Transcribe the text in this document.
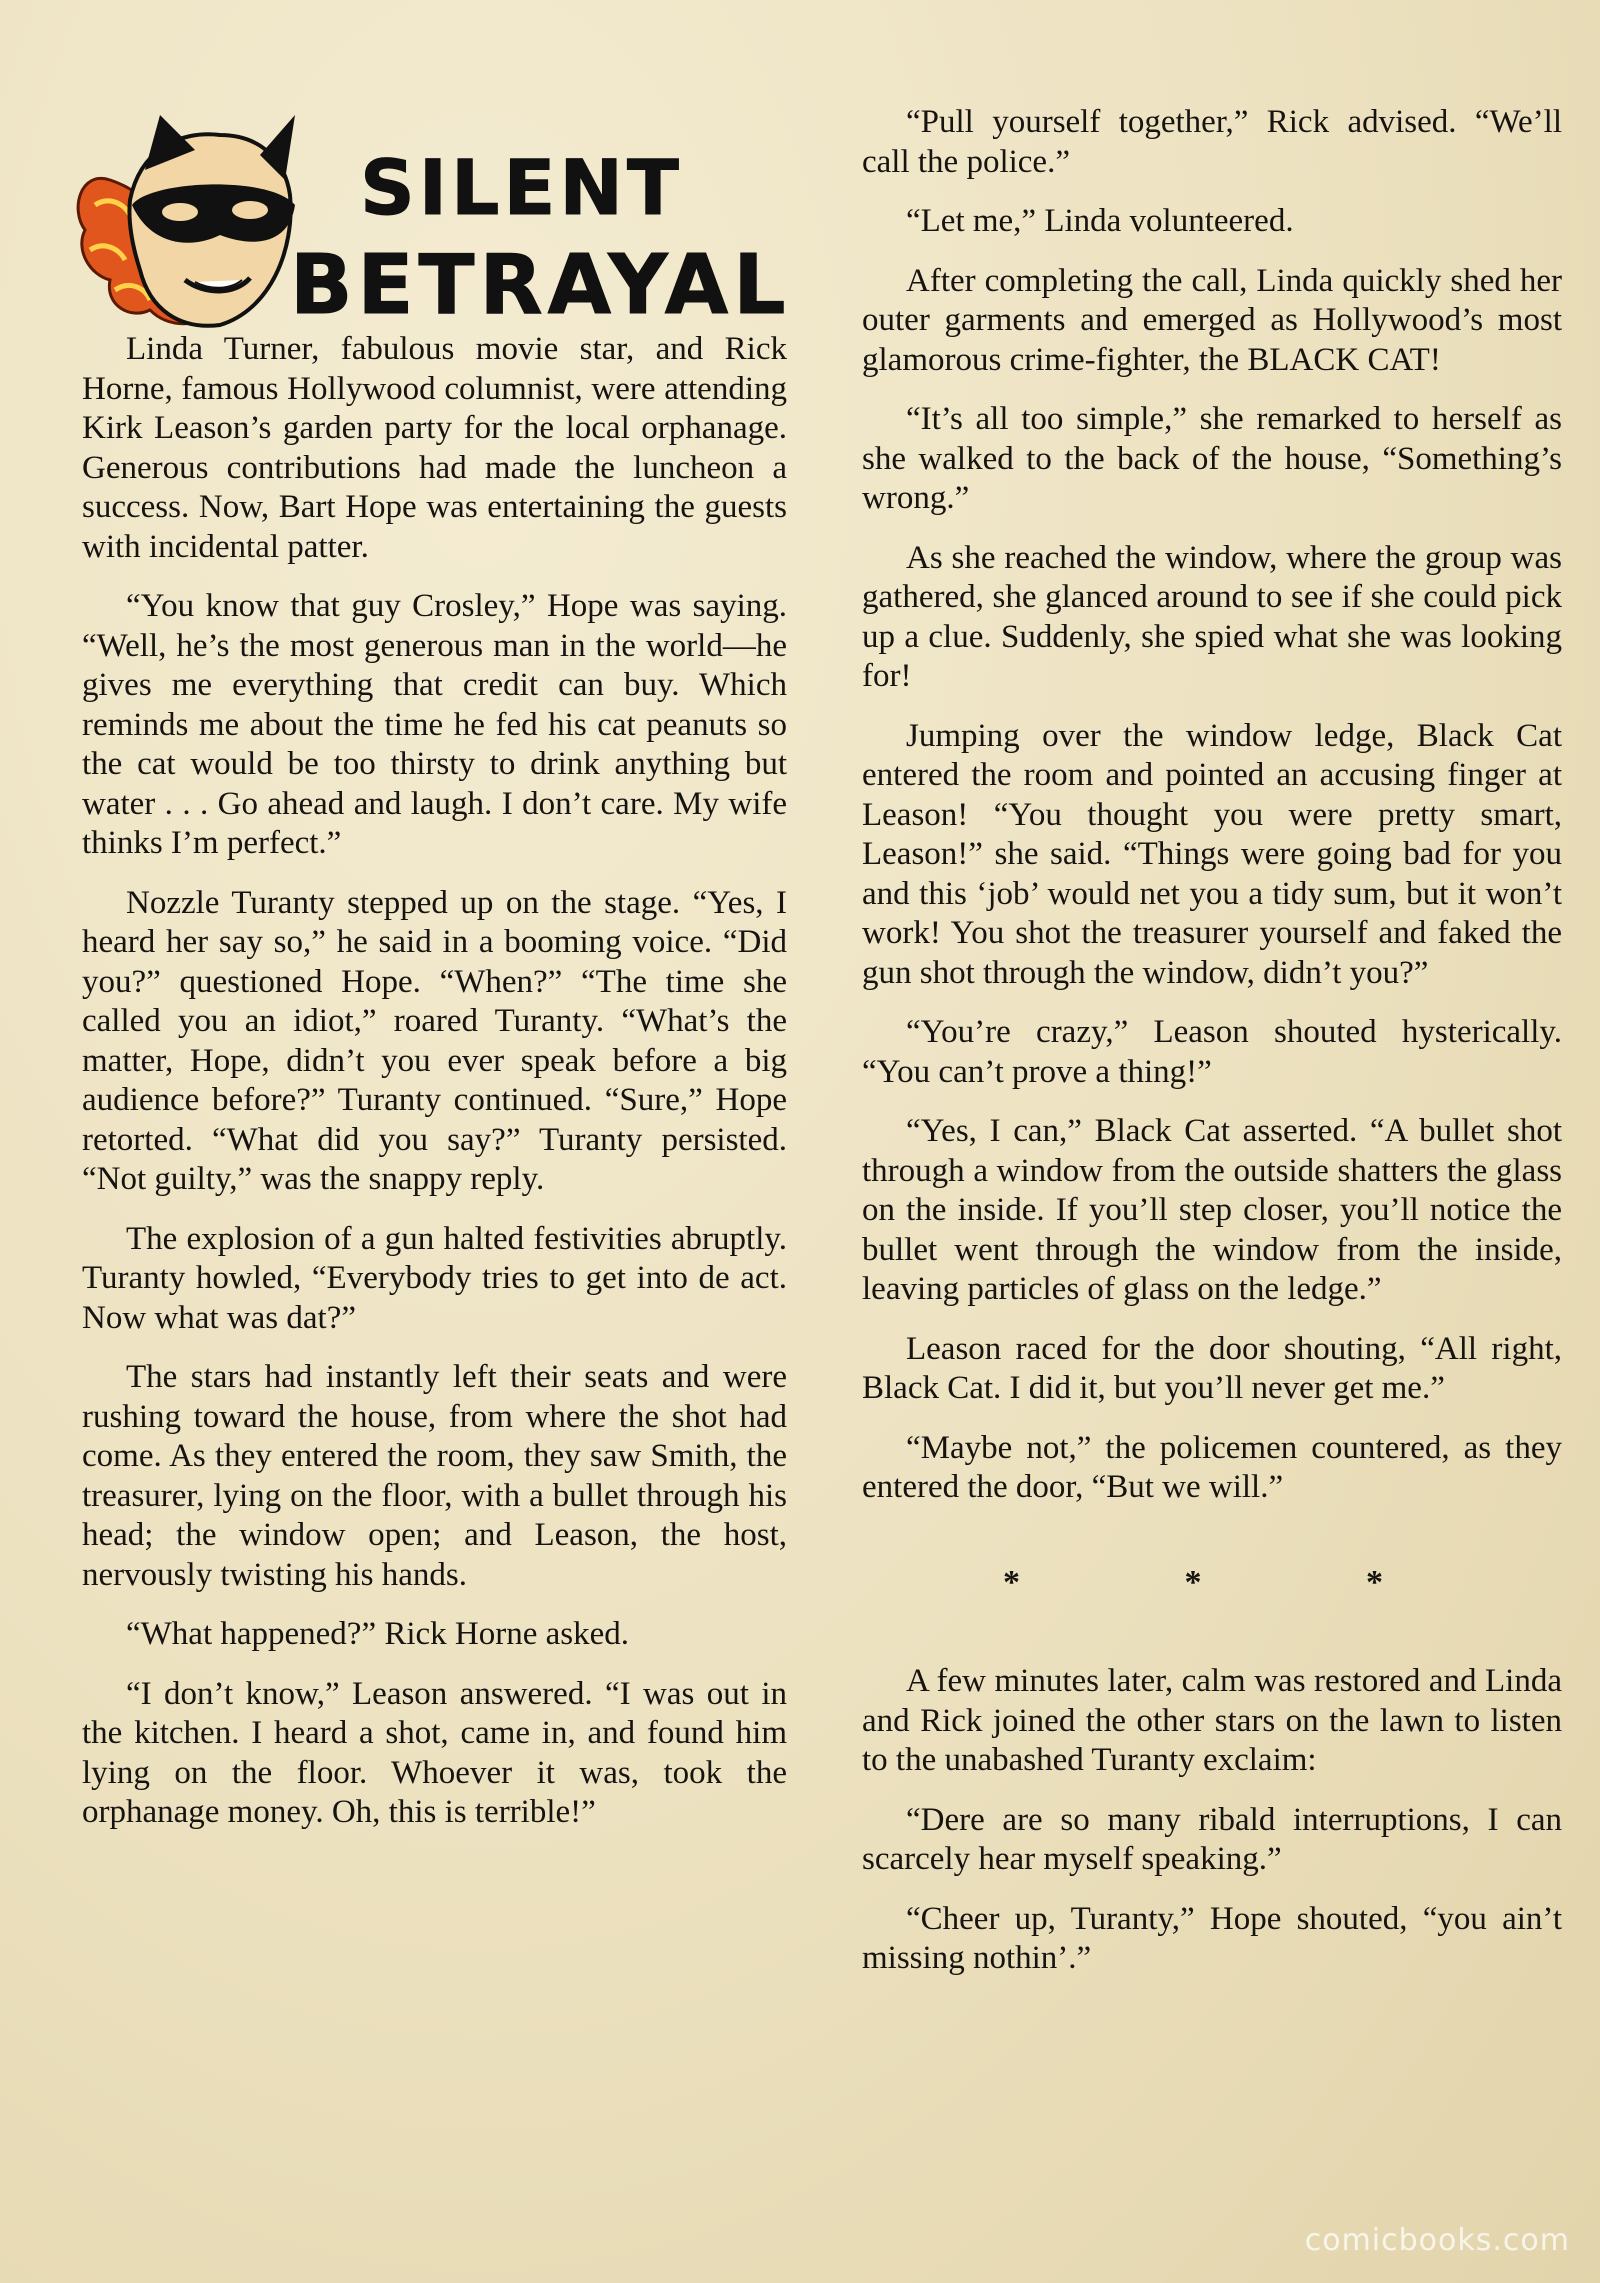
SILENT
BETRAYAL

Linda Turner, fabulous movie star, and Rick Horne, famous Hollywood columnist, were attending Kirk Leason’s garden party for the local orphanage. Generous contributions had made the luncheon a success. Now, Bart Hope was entertaining the guests with incidental patter.

“You know that guy Crosley,” Hope was saying. “Well, he’s the most generous man in the world—he gives me everything that credit can buy. Which reminds me about the time he fed his cat peanuts so the cat would be too thirsty to drink anything but water . . . Go ahead and laugh. I don’t care. My wife thinks I’m perfect.”

Nozzle Turanty stepped up on the stage. “Yes, I heard her say so,” he said in a booming voice. “Did you?” questioned Hope. “When?” “The time she called you an idiot,” roared Turanty. “What’s the matter, Hope, didn’t you ever speak before a big audience before?” Turanty continued. “Sure,” Hope retorted. “What did you say?” Turanty persisted. “Not guilty,” was the snappy reply.

The explosion of a gun halted festivities abruptly. Turanty howled, “Everybody tries to get into de act. Now what was dat?”

The stars had instantly left their seats and were rushing toward the house, from where the shot had come. As they entered the room, they saw Smith, the treasurer, lying on the floor, with a bullet through his head; the window open; and Leason, the host, nervously twisting his hands.

“What happened?” Rick Horne asked.

“I don’t know,” Leason answered. “I was out in the kitchen. I heard a shot, came in, and found him lying on the floor. Whoever it was, took the orphanage money. Oh, this is terrible!”

“Pull yourself together,” Rick advised. “We’ll call the police.”

“Let me,” Linda volunteered.

After completing the call, Linda quickly shed her outer garments and emerged as Hollywood’s most glamorous crime-fighter, the BLACK CAT!

“It’s all too simple,” she remarked to herself as she walked to the back of the house, “Something’s wrong.”

As she reached the window, where the group was gathered, she glanced around to see if she could pick up a clue. Suddenly, she spied what she was looking for!

Jumping over the window ledge, Black Cat entered the room and pointed an accusing finger at Leason! “You thought you were pretty smart, Leason!” she said. “Things were going bad for you and this ‘job’ would net you a tidy sum, but it won’t work! You shot the treasurer yourself and faked the gun shot through the window, didn’t you?”

“You’re crazy,” Leason shouted hysterically. “You can’t prove a thing!”

“Yes, I can,” Black Cat asserted. “A bullet shot through a window from the outside shatters the glass on the inside. If you’ll step closer, you’ll notice the bullet went through the window from the inside, leaving particles of glass on the ledge.”

Leason raced for the door shouting, “All right, Black Cat. I did it, but you’ll never get me.”

“Maybe not,” the policemen countered, as they entered the door, “But we will.”

* * *

A few minutes later, calm was restored and Linda and Rick joined the other stars on the lawn to listen to the unabashed Turanty exclaim:

“Dere are so many ribald interruptions, I can scarcely hear myself speaking.”

“Cheer up, Turanty,” Hope shouted, “you ain’t missing nothin’.”

comicbooks.com
